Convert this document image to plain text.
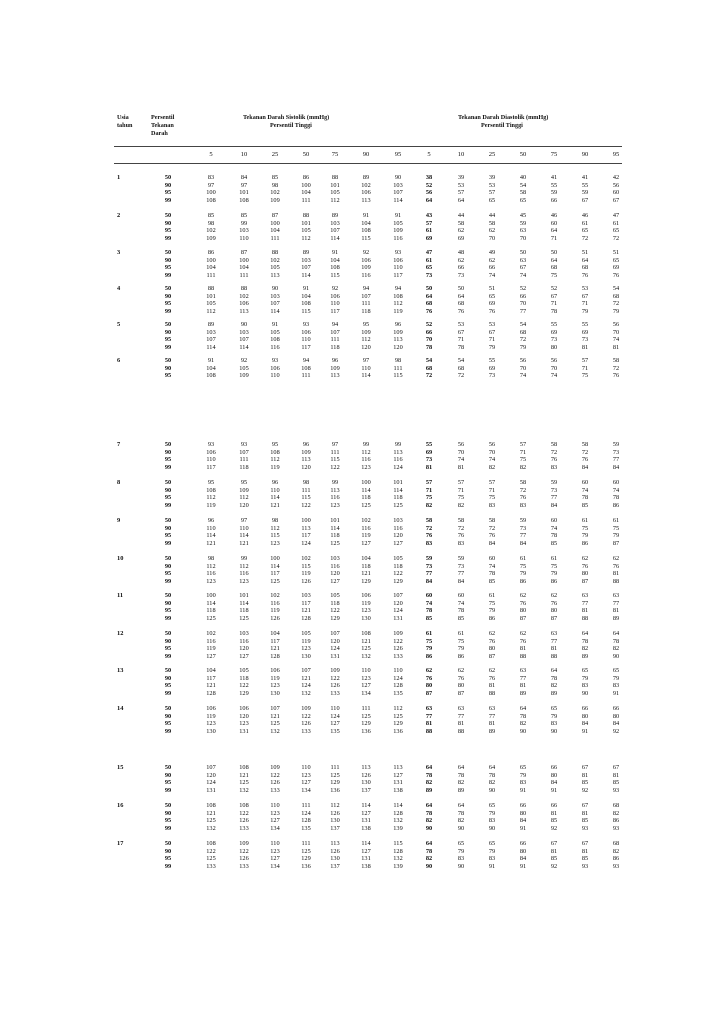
Usia
tahun
Persentil
Tekanan
Darah
Tekanan Darah Sistolik (mmHg)
Persentil Tinggi
Tekanan Darah Diastolik (mmHg)
Persentil Tinggi
5	10	25	50	75	90	95	5	10	25	50	75	90	95
1	50	83	84	85	86	88	89	90	38	39	39	40	41	41	42
90	97	97	98	100	101	102	103	52	53	53	54	55	55	56
95	100	101	102	104	105	106	107	56	57	57	58	59	59	60
99	108	108	109	111	112	113	114	64	64	65	65	66	67	67
2	50	85	85	87	88	89	91	91	43	44	44	45	46	46	47
90	98	99	100	101	103	104	105	57	58	58	59	60	61	61
95	102	103	104	105	107	108	109	61	62	62	63	64	65	65
99	109	110	111	112	114	115	116	69	69	70	70	71	72	72
3	50	86	87	88	89	91	92	93	47	48	49	50	50	51	51
90	100	100	102	103	104	106	106	61	62	62	63	64	64	65
95	104	104	105	107	108	109	110	65	66	66	67	68	68	69
99	111	111	113	114	115	116	117	73	73	74	74	75	76	76
4	50	88	88	90	91	92	94	94	50	50	51	52	52	53	54
90	101	102	103	104	106	107	108	64	64	65	66	67	67	68
95	105	106	107	108	110	111	112	68	68	69	70	71	71	72
99	112	113	114	115	117	118	119	76	76	76	77	78	79	79
5	50	89	90	91	93	94	95	96	52	53	53	54	55	55	56
90	103	103	105	106	107	109	109	66	67	67	68	69	69	70
95	107	107	108	110	111	112	113	70	71	71	72	73	73	74
99	114	114	116	117	118	120	120	78	78	79	79	80	81	81
6	50	91	92	93	94	96	97	98	54	54	55	56	56	57	58
90	104	105	106	108	109	110	111	68	68	69	70	70	71	72
95	108	109	110	111	113	114	115	72	72	73	74	74	75	76
7	50	93	93	95	96	97	99	99	55	56	56	57	58	58	59
90	106	107	108	109	111	112	113	69	70	70	71	72	72	73
95	110	111	112	113	115	116	116	73	74	74	75	76	76	77
99	117	118	119	120	122	123	124	81	81	82	82	83	84	84
8	50	95	95	96	98	99	100	101	57	57	57	58	59	60	60
90	108	109	110	111	113	114	114	71	71	71	72	73	74	74
95	112	112	114	115	116	118	118	75	75	75	76	77	78	78
99	119	120	121	122	123	125	125	82	82	83	83	84	85	86
9	50	96	97	98	100	101	102	103	58	58	58	59	60	61	61
90	110	110	112	113	114	116	116	72	72	72	73	74	75	75
95	114	114	115	117	118	119	120	76	76	76	77	78	79	79
99	121	121	123	124	125	127	127	83	83	84	84	85	86	87
10	50	98	99	100	102	103	104	105	59	59	60	61	61	62	62
90	112	112	114	115	116	118	118	73	73	74	75	75	76	76
95	116	116	117	119	120	121	122	77	77	78	79	79	80	81
99	123	123	125	126	127	129	129	84	84	85	86	86	87	88
11	50	100	101	102	103	105	106	107	60	60	61	62	62	63	63
90	114	114	116	117	118	119	120	74	74	75	76	76	77	77
95	118	118	119	121	122	123	124	78	78	79	80	80	81	81
99	125	125	126	128	129	130	131	85	85	86	87	87	88	89
12	50	102	103	104	105	107	108	109	61	61	62	62	63	64	64
90	116	116	117	119	120	121	122	75	75	76	76	77	78	78
95	119	120	121	123	124	125	126	79	79	80	81	81	82	82
99	127	127	128	130	131	132	133	86	86	87	88	88	89	90
13	50	104	105	106	107	109	110	110	62	62	62	63	64	65	65
90	117	118	119	121	122	123	124	76	76	76	77	78	79	79
95	121	122	123	124	126	127	128	80	80	81	81	82	83	83
99	128	129	130	132	133	134	135	87	87	88	89	89	90	91
14	50	106	106	107	109	110	111	112	63	63	63	64	65	66	66
90	119	120	121	122	124	125	125	77	77	77	78	79	80	80
95	123	123	125	126	127	129	129	81	81	81	82	83	84	84
99	130	131	132	133	135	136	136	88	88	89	90	90	91	92
15	50	107	108	109	110	111	113	113	64	64	64	65	66	67	67
90	120	121	122	123	125	126	127	78	78	78	79	80	81	81
95	124	125	126	127	129	130	131	82	82	82	83	84	85	85
99	131	132	133	134	136	137	138	89	89	90	91	91	92	93
16	50	108	108	110	111	112	114	114	64	64	65	66	66	67	68
90	121	122	123	124	126	127	128	78	78	79	80	81	81	82
95	125	126	127	128	130	131	132	82	82	83	84	85	85	86
99	132	133	134	135	137	138	139	90	90	90	91	92	93	93
17	50	108	109	110	111	113	114	115	64	65	65	66	67	67	68
90	122	122	123	125	126	127	128	78	79	79	80	81	81	82
95	125	126	127	129	130	131	132	82	83	83	84	85	85	86
99	133	133	134	136	137	138	139	90	90	91	91	92	93	93
